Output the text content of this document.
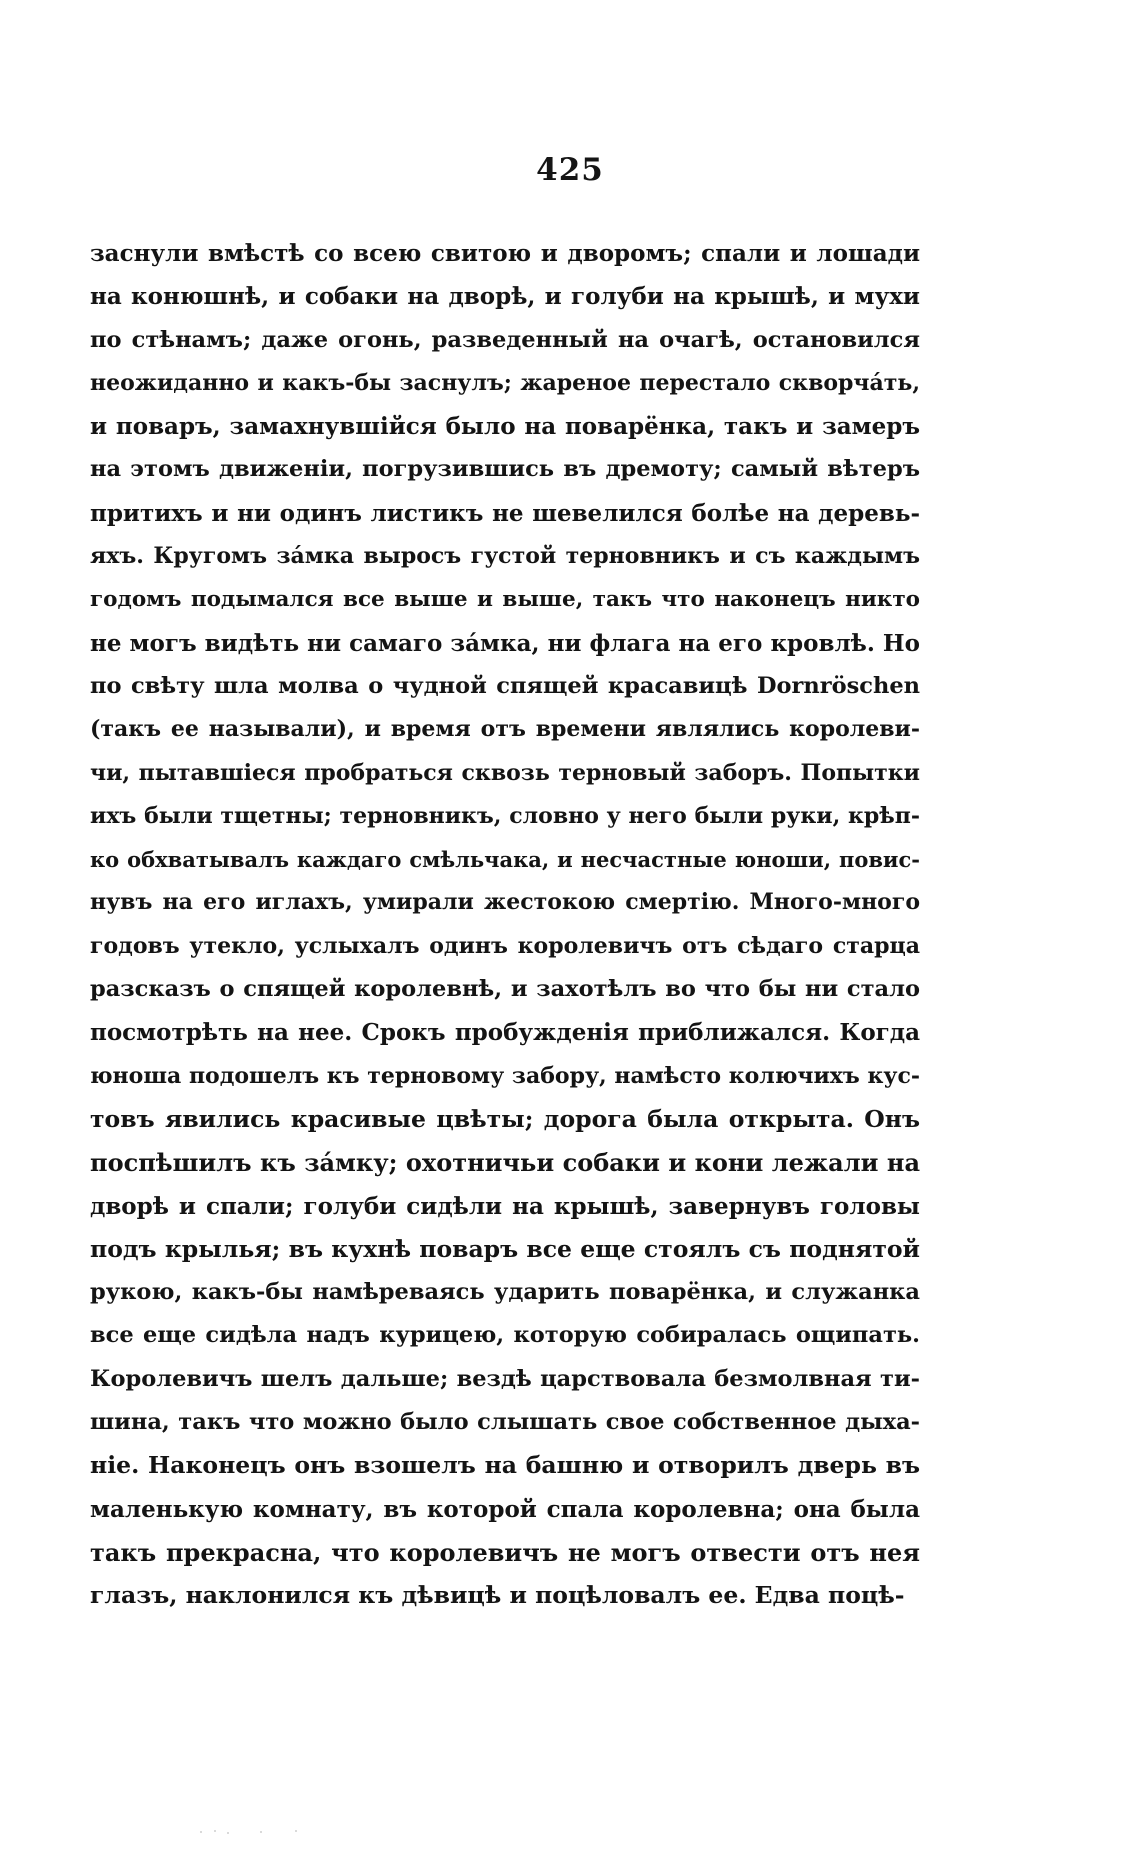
425
заснули вмѣстѣ со всею свитою и дворомъ; спали и лошади
на конюшнѣ, и собаки на дворѣ, и голуби на крышѣ, и мухи
по стѣнамъ; даже огонь, разведенный на очагѣ, остановился
неожиданно и какъ-бы заснулъ; жареное перестало скворчáть,
и поваръ, замахнувшійся было на поварёнка, такъ и замеръ
на этомъ движеніи, погрузившись въ дремоту; самый вѣтеръ
притихъ и ни одинъ листикъ не шевелился болѣе на деревь-
яхъ. Кругомъ зáмка выросъ густой терновникъ и съ каждымъ
годомъ подымался все выше и выше, такъ что наконецъ никто
не могъ видѣть ни самаго зáмка, ни флага на его кровлѣ. Но
по свѣту шла молва о чудной спящей красавицѣ Dornröschen
(такъ ее называли), и время отъ времени являлись королеви-
чи, пытавшіеся пробраться сквозь терновый заборъ. Попытки
ихъ были тщетны; терновникъ, словно у него были руки, крѣп-
ко обхватывалъ каждаго смѣльчака, и несчастные юноши, повис-
нувъ на его иглахъ, умирали жестокою смертію. Много-много
годовъ утекло, услыхалъ одинъ королевичъ отъ сѣдаго старца
разсказъ о спящей королевнѣ, и захотѣлъ во что бы ни стало
посмотрѣть на нее. Срокъ пробужденія приближался. Когда
юноша подошелъ къ терновому забору, намѣсто колючихъ кус-
товъ явились красивые цвѣты; дорога была открыта. Онъ
поспѣшилъ къ зáмку; охотничьи собаки и кони лежали на
дворѣ и спали; голуби сидѣли на крышѣ, завернувъ головы
подъ крылья; въ кухнѣ поваръ все еще стоялъ съ поднятой
рукою, какъ-бы намѣреваясь ударить поварёнка, и служанка
все еще сидѣла надъ курицею, которую собиралась ощипать.
Королевичъ шелъ дальше; вездѣ царствовала безмолвная ти-
шина, такъ что можно было слышать свое собственное дыха-
ніе. Наконецъ онъ взошелъ на башню и отворилъ дверь въ
маленькую комнату, въ которой спала королевна; она была
такъ прекрасна, что королевичъ не могъ отвести отъ нея
глазъ, наклонился къ дѣвицѣ и поцѣловалъ ее. Едва поцѣ-
